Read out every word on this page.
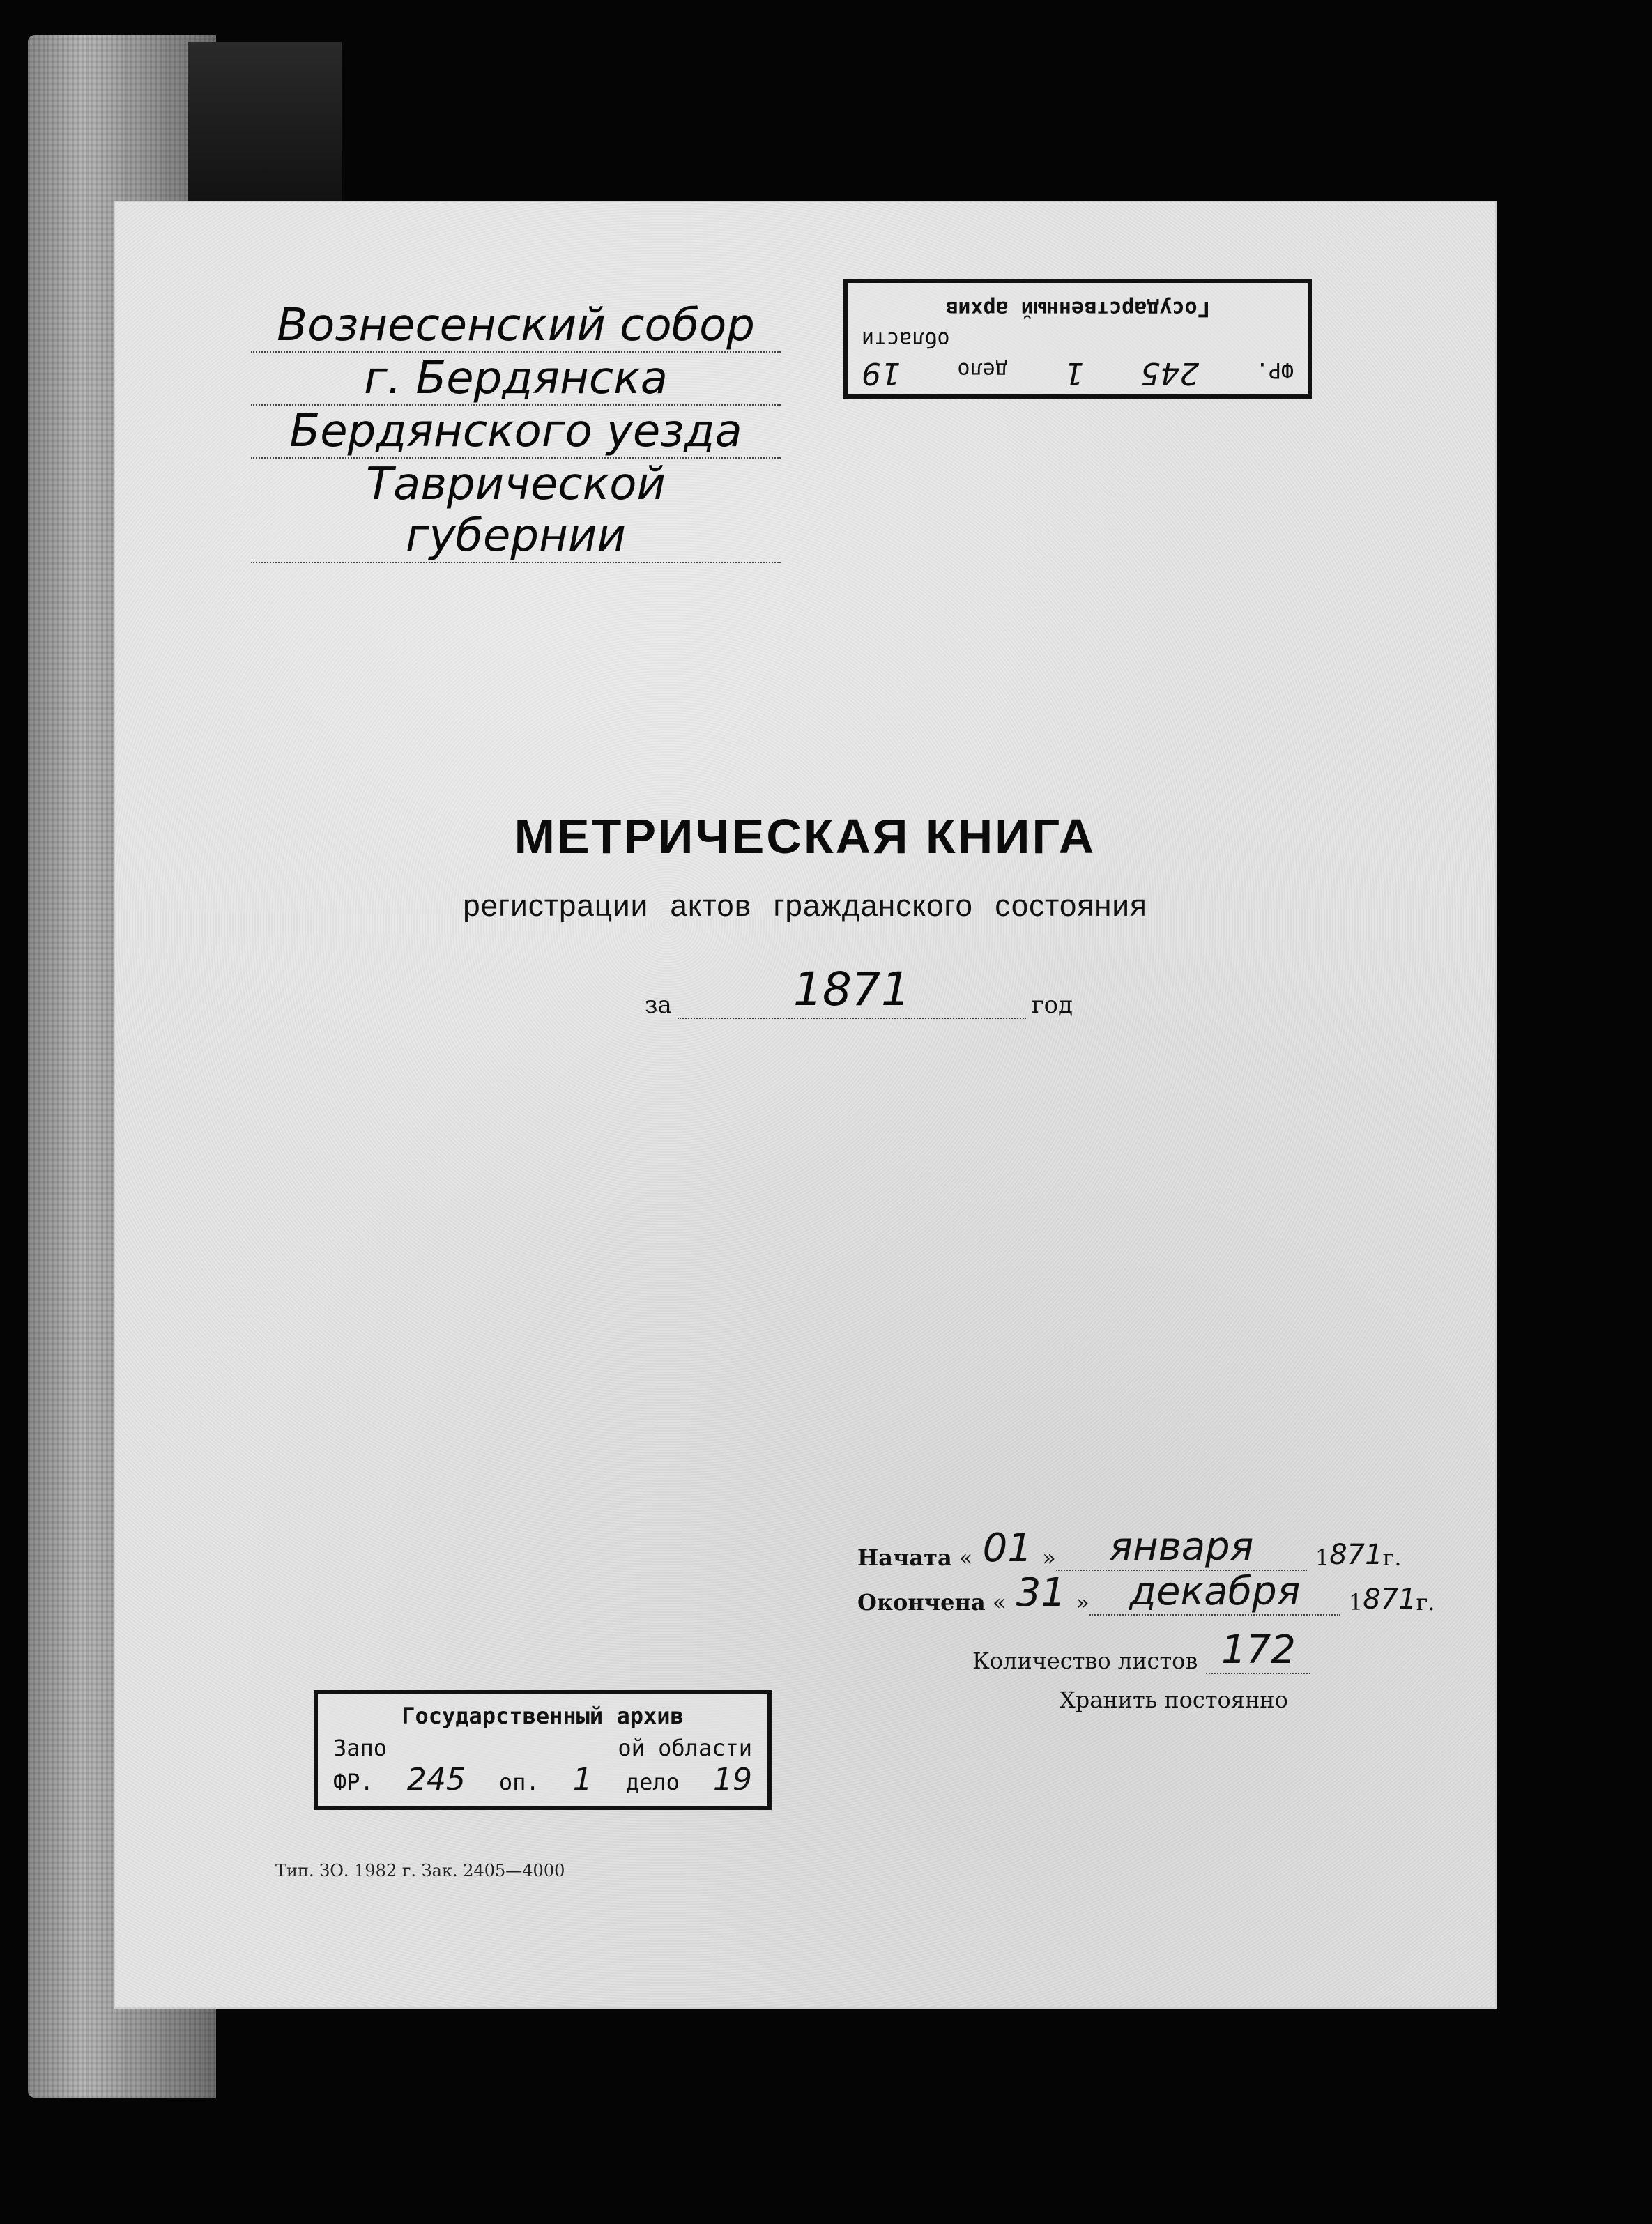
Вознесенский собор
г. Бердянска
Бердянского уезда
Таврической губернии
ФР.
245
1
дело
19
области
Государственный архив
МЕТРИЧЕСКАЯ КНИГА
регистрации актов гражданского состояния
за	1871	год
Начата « 01 »	января	1 871 г.
Окончена « 31 »	декабря	1 871 г.
Количество листов 172
Хранить постоянно
Государственный архив
Запо	ой области
ФР. 245 оп. 1 дело 19
Тип. ЗО. 1982 г. Зак. 2405—4000
